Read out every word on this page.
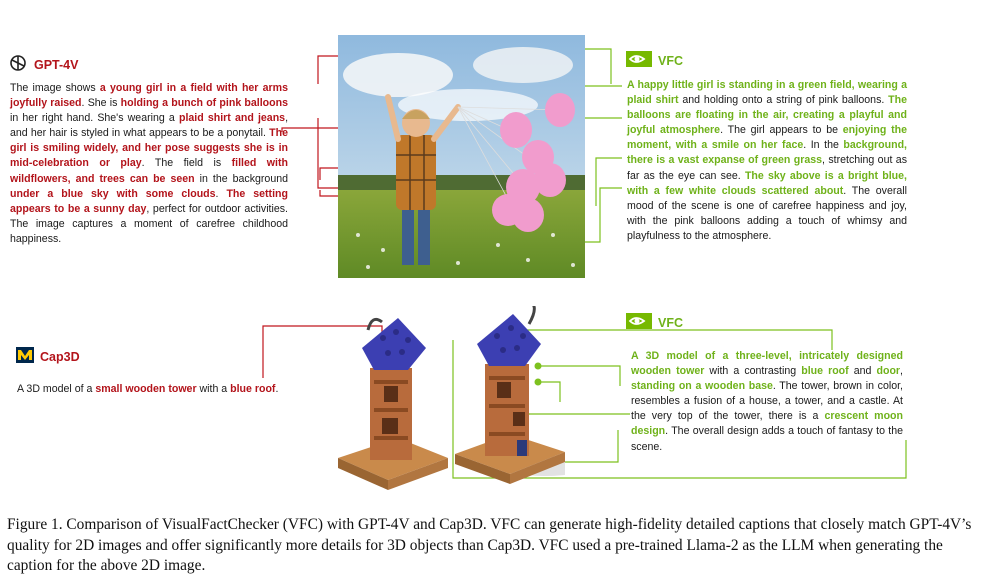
GPT-4V
The image shows a young girl in a field with her arms joyfully raised. She is holding a bunch of pink balloons in her right hand. She's wearing a plaid shirt and jeans, and her hair is styled in what appears to be a ponytail. The girl is smiling widely, and her pose suggests she is in mid-celebration or play. The field is filled with wildflowers, and trees can be seen in the background under a blue sky with some clouds. The setting appears to be a sunny day, perfect for outdoor activities. The image captures a moment of carefree childhood happiness.
VFC
A happy little girl is standing in a green field, wearing a plaid shirt and holding onto a string of pink balloons. The balloons are floating in the air, creating a playful and joyful atmosphere. The girl appears to be enjoying the moment, with a smile on her face. In the background, there is a vast expanse of green grass, stretching out as far as the eye can see. The sky above is a bright blue, with a few white clouds scattered about. The overall mood of the scene is one of carefree happiness and joy, with the pink balloons adding a touch of whimsy and playfulness to the atmosphere.
Cap3D
A 3D model of a small wooden tower with a blue roof.
VFC
A 3D model of a three-level, intricately designed wooden tower with a contrasting blue roof and door, standing on a wooden base. The tower, brown in color, resembles a fusion of a house, a tower, and a castle. At the very top of the tower, there is a crescent moon design. The overall design adds a touch of fantasy to the scene.
Figure 1. Comparison of VisualFactChecker (VFC) with GPT-4V and Cap3D. VFC can generate high-fidelity detailed captions that closely match GPT-4V’s quality for 2D images and offer significantly more details for 3D objects than Cap3D. VFC used a pre-trained Llama-2 as the LLM when generating the caption for the above 2D image.
